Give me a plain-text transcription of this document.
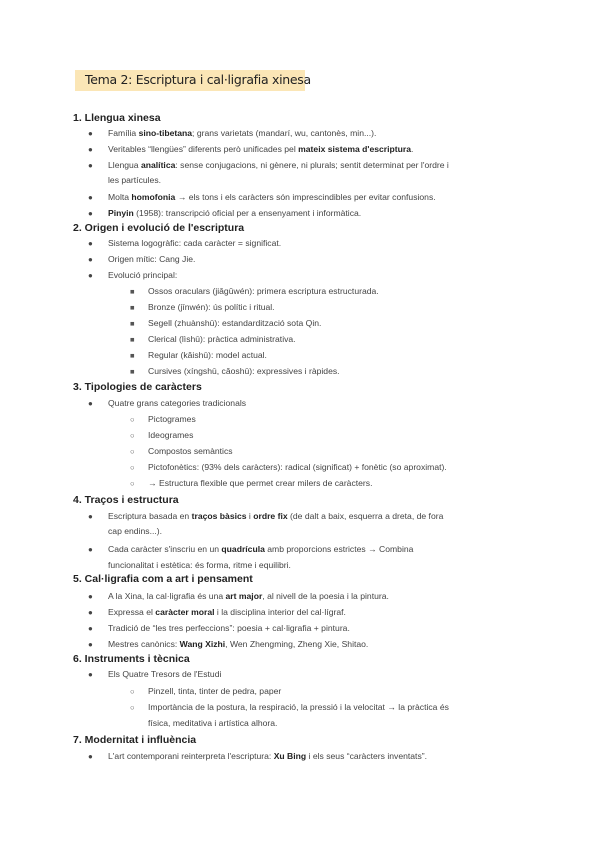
Tema 2: Escriptura i cal·ligrafia xinesa
1. Llengua xinesa
● Família sino-tibetana; grans varietats (mandarí, wu, cantonès, min...).
● Veritables “llengües” diferents però unificades pel mateix sistema d'escriptura.
● Llengua analítica: sense conjugacions, ni gènere, ni plurals; sentit determinat per l'ordre i
les partícules.
● Molta homofonia → els tons i els caràcters són imprescindibles per evitar confusions.
● Pinyin (1958): transcripció oficial per a ensenyament i informàtica.
2. Origen i evolució de l'escriptura
● Sistema logogràfic: cada caràcter = significat.
● Origen mític: Cang Jie.
● Evolució principal:
■ Ossos oraculars (jiǎgǔwén): primera escriptura estructurada.
■ Bronze (jīnwén): ús polític i ritual.
■ Segell (zhuànshū): estandardització sota Qin.
■ Clerical (lìshū): pràctica administrativa.
■ Regular (kǎishū): model actual.
■ Cursives (xíngshū, cǎoshū): expressives i ràpides.
3. Tipologies de caràcters
● Quatre grans categories tradicionals
○ Pictogrames
○ Ideogrames
○ Compostos semàntics
○ Pictofonètics: (93% dels caràcters): radical (significat) + fonètic (so aproximat).
○ → Estructura flexible que permet crear milers de caràcters.
4. Traços i estructura
● Escriptura basada en traços bàsics i ordre fix (de dalt a baix, esquerra a dreta, de fora
cap endins...).
● Cada caràcter s'inscriu en un quadrícula amb proporcions estrictes → Combina
funcionalitat i estètica: és forma, ritme i equilibri.
5. Cal·ligrafia com a art i pensament
● A la Xina, la cal·ligrafia és una art major, al nivell de la poesia i la pintura.
● Expressa el caràcter moral i la disciplina interior del cal·lígraf.
● Tradició de “les tres perfeccions”: poesia + cal·ligrafia + pintura.
● Mestres canònics: Wang Xizhi, Wen Zhengming, Zheng Xie, Shitao.
6. Instruments i tècnica
● Els Quatre Tresors de l'Estudi
○ Pinzell, tinta, tinter de pedra, paper
○ Importància de la postura, la respiració, la pressió i la velocitat → la pràctica és
física, meditativa i artística alhora.
7. Modernitat i influència
● L'art contemporani reinterpreta l'escriptura: Xu Bing i els seus “caràcters inventats”.
